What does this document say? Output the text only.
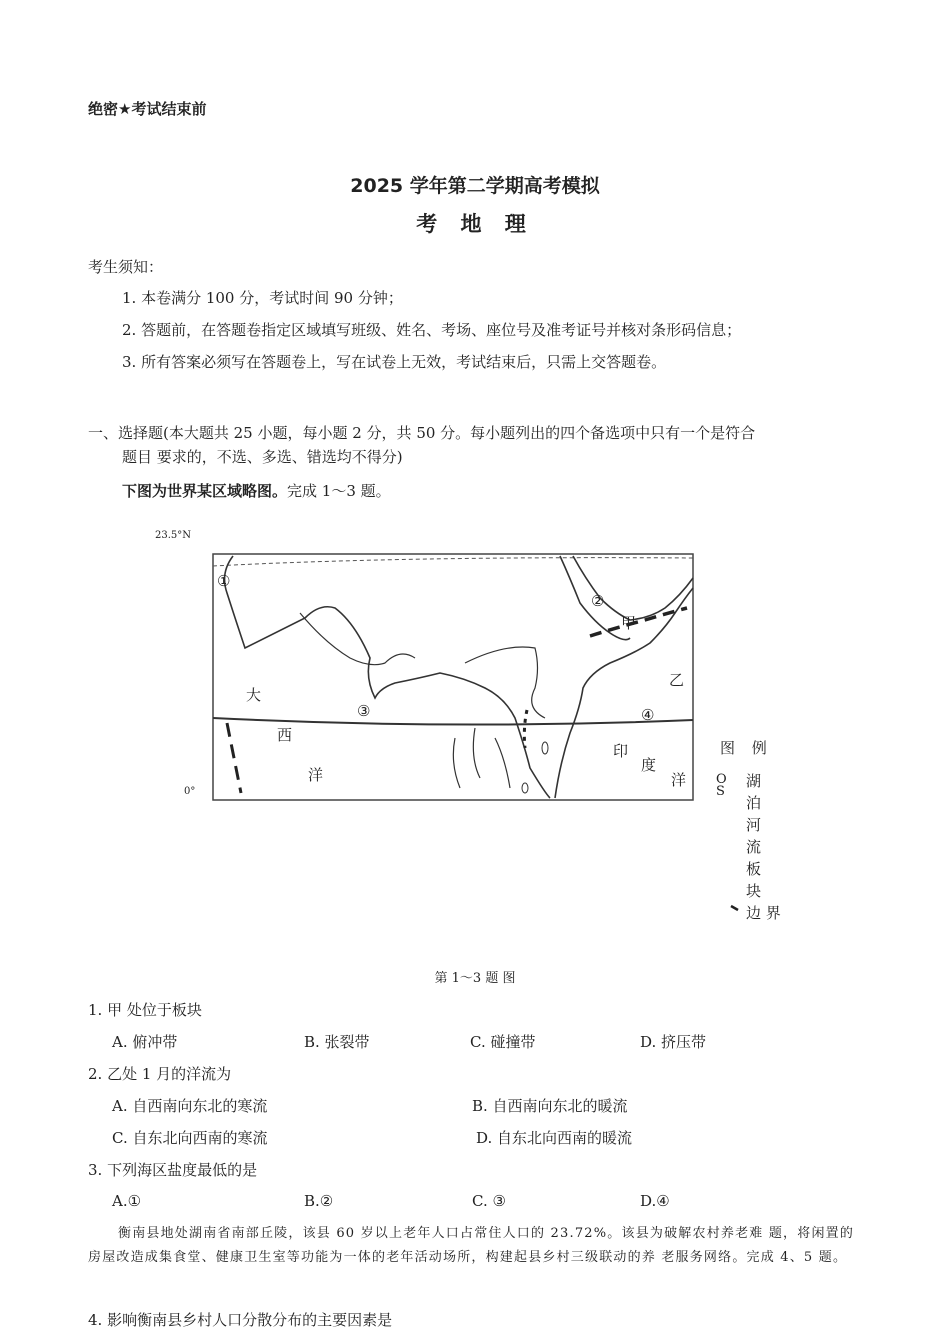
绝密★考试结束前
2025 学年第二学期高考模拟
考 地 理
考生须知：
1. 本卷满分 100 分，考试时间 90 分钟；
2. 答题前，在答题卷指定区域填写班级、姓名、考场、座位号及准考证号并核对条形码信息；
3. 所有答案必须写在答题卷上，写在试卷上无效，考试结束后，只需上交答题卷。
一、选择题(本大题共 25 小题，每小题 2 分，共 50 分。每小题列出的四个备选项中只有一个是符合
题目 要求的，不选、多选、错选均不得分)
下图为世界某区域略图。完成 1～3 题。
23.5°N
0°
①
②
③	④
甲
乙
大
西
洋
印
度
洋
图 例
OS
湖
泊
河
流
板
块
边 界
第 1～3 题 图
1. 甲 处位于板块
A. 俯冲带	B. 张裂带	C. 碰撞带	D. 挤压带
2. 乙处 1 月的洋流为
A. 自西南向东北的寒流	B. 自西南向东北的暖流
C. 自东北向西南的寒流	D. 自东北向西南的暖流
3. 下列海区盐度最低的是
A.①	B.②	C. ③	D.④
衡南县地处湖南省南部丘陵，该县 60 岁以上老年人口占常住人口的 23.72%。该县为破解农村养老难 题，将闲置的房屋改造成集食堂、健康卫生室等功能为一体的老年活动场所，构建起县乡村三级联动的养 老服务网络。完成 4、5 题。
4. 影响衡南县乡村人口分散分布的主要因素是
